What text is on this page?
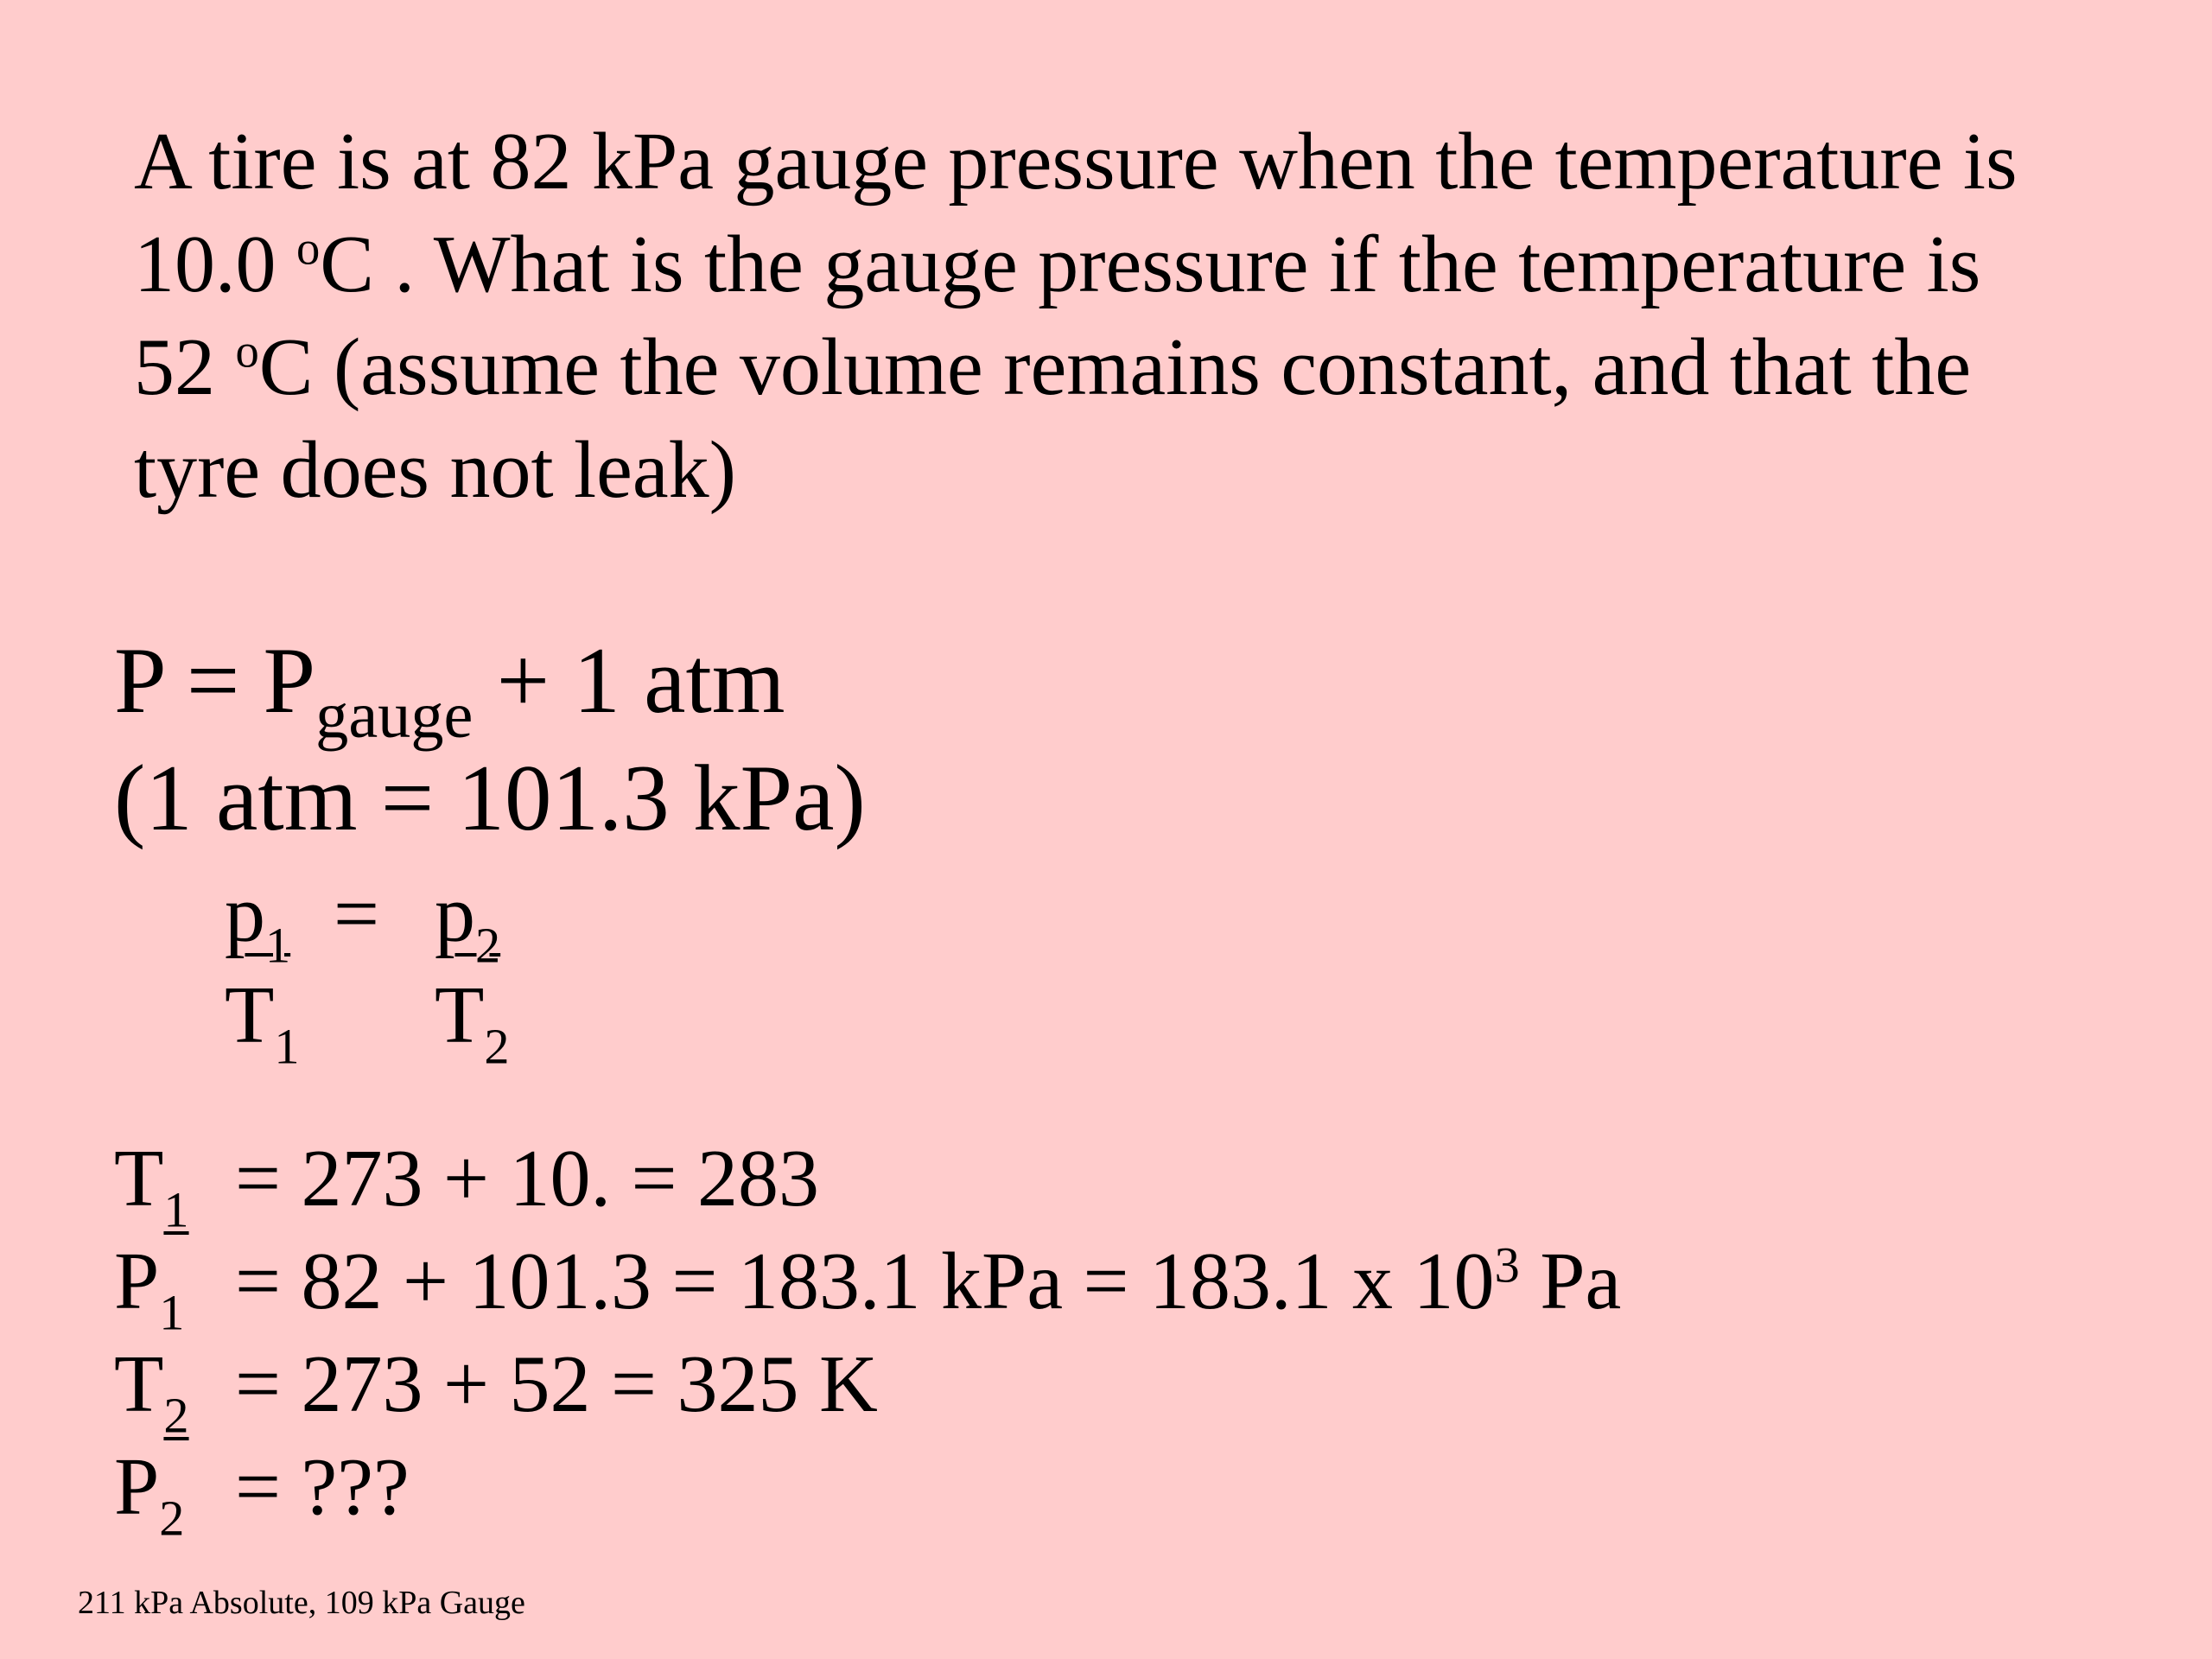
A tire is at 82 kPa gauge pressure when the temperature is
10.0 $^o$C . What is the gauge pressure if the temperature is
52 $^o$C (assume the volume remains constant, and that the
tyre does not leak)
$P = P_{gauge} + 1$ atm
(1 atm = 101.3 kPa)
$p_1 = p_2$
$T_1$ $T_2$
$T_1 = 273 + 10$. = 283
$P_1 = 82 + 101.3 = 183.1$ kPa = 183.1 x $10^3$ Pa
$T_2 = 273 + 52 = 325$ K
$P_2$ = ???
211 kPa Absolute, 109 kPa Gauge
